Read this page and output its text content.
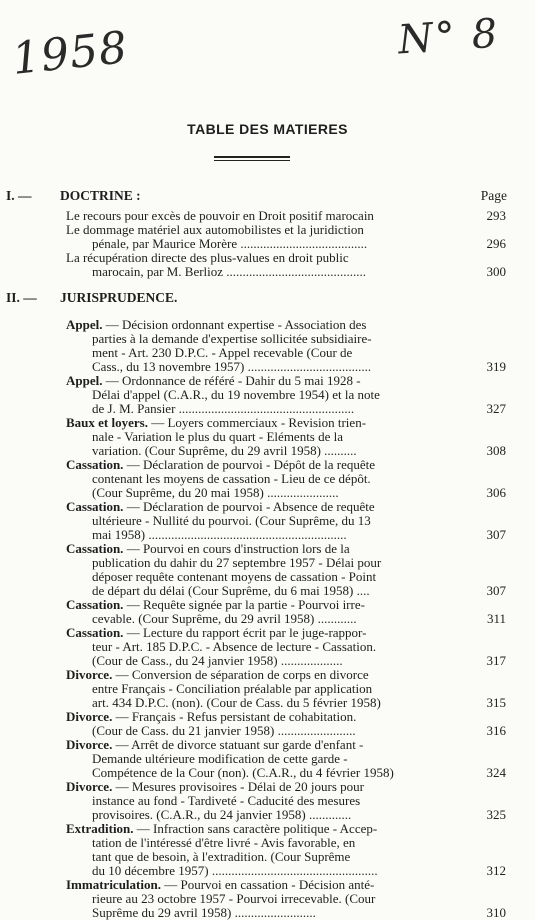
1958	N° 8
TABLE DES MATIERES
I. — DOCTRINE :	Page
Le recours pour excès de pouvoir en Droit positif marocain	293
Le dommage matériel aux automobilistes et la juridiction
pénale, par Maurice Morère .......................................	296
La récupération directe des plus-values en droit public
marocain, par M. Berlioz ...........................................	300
II. — JURISPRUDENCE.
Appel. — Décision ordonnant expertise - Association des
parties à la demande d'expertise sollicitée subsidiaire-
ment - Art. 230 D.P.C. - Appel recevable (Cour de
Cass., du 13 novembre 1957) ......................................	319
Appel. — Ordonnance de référé - Dahir du 5 mai 1928 -
Délai d'appel (C.A.R., du 19 novembre 1954) et la note
de J. M. Pansier ......................................................	327
Baux et loyers. — Loyers commerciaux - Revision trien-
nale - Variation le plus du quart - Eléments de la
variation. (Cour Suprême, du 29 avril 1958) ..........	308
Cassation. — Déclaration de pourvoi - Dépôt de la requête
contenant les moyens de cassation - Lieu de ce dépôt.
(Cour Suprême, du 20 mai 1958) ......................	306
Cassation. — Déclaration de pourvoi - Absence de requête
ultérieure - Nullité du pourvoi. (Cour Suprême, du 13
mai 1958) .............................................................	307
Cassation. — Pourvoi en cours d'instruction lors de la
publication du dahir du 27 septembre 1957 - Délai pour
déposer requête contenant moyens de cassation - Point
de départ du délai (Cour Suprême, du 6 mai 1958) ....	307
Cassation. — Requête signée par la partie - Pourvoi irre-
cevable. (Cour Suprême, du 29 avril 1958) ............	311
Cassation. — Lecture du rapport écrit par le juge-rappor-
teur - Art. 185 D.P.C. - Absence de lecture - Cassation.
(Cour de Cass., du 24 janvier 1958) ...................	317
Divorce. — Conversion de séparation de corps en divorce
entre Français - Conciliation préalable par application
art. 434 D.P.C. (non). (Cour de Cass. du 5 février 1958)	315
Divorce. — Français - Refus persistant de cohabitation.
(Cour de Cass. du 21 janvier 1958) ........................	316
Divorce. — Arrêt de divorce statuant sur garde d'enfant -
Demande ultérieure modification de cette garde -
Compétence de la Cour (non). (C.A.R., du 4 février 1958)	324
Divorce. — Mesures provisoires - Délai de 20 jours pour
instance au fond - Tardiveté - Caducité des mesures
provisoires. (C.A.R., du 24 janvier 1958) .............	325
Extradition. — Infraction sans caractère politique - Accep-
tation de l'intéressé d'être livré - Avis favorable, en
tant que de besoin, à l'extradition. (Cour Suprême
du 10 décembre 1957) ...................................................	312
Immatriculation. — Pourvoi en cassation - Décision anté-
rieure au 23 octobre 1957 - Pourvoi irrecevable. (Cour
Suprême du 29 avril 1958) .........................	310
